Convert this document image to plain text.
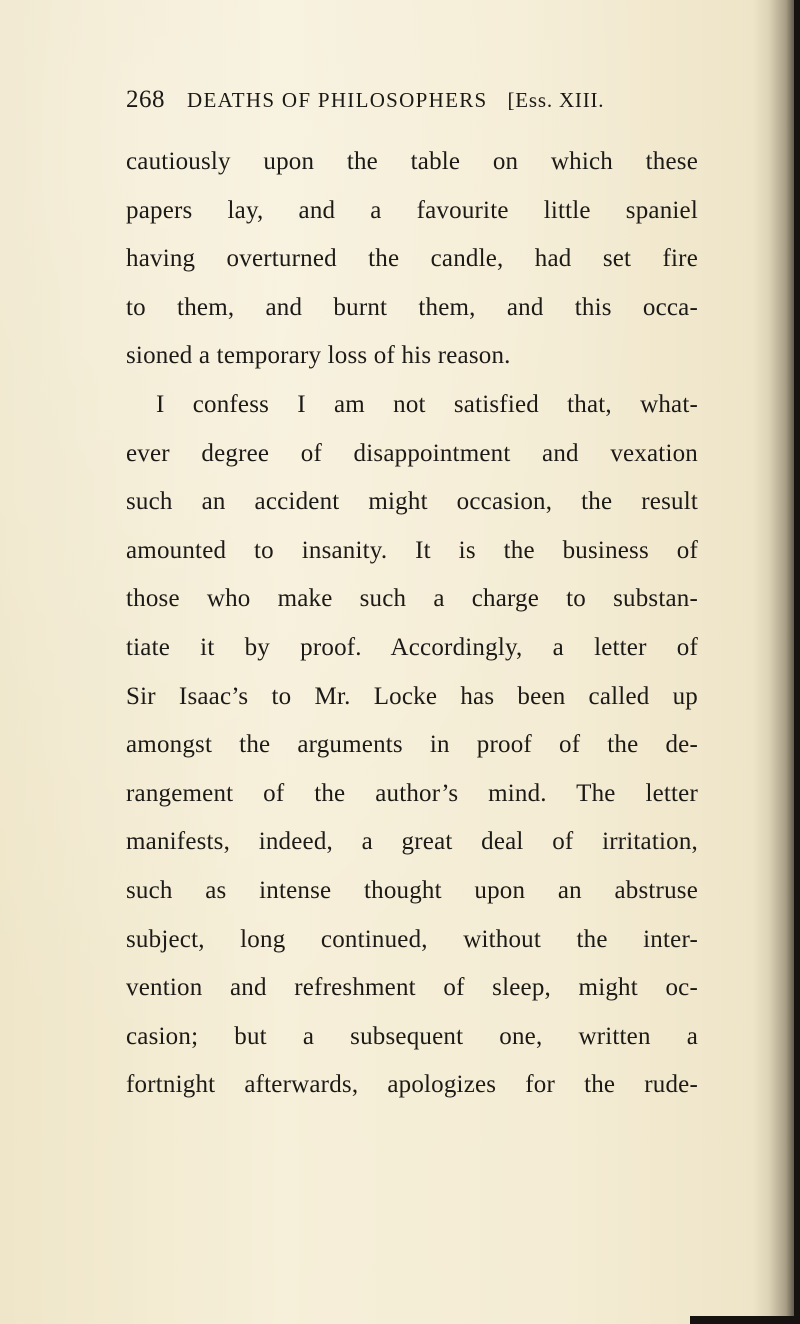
268 DEATHS OF PHILOSOPHERS [Ess. XIII.
cautiously upon the table on which these
papers lay, and a favourite little spaniel
having overturned the candle, had set fire
to them, and burnt them, and this occa-
sioned a temporary loss of his reason.
I confess I am not satisfied that, what-
ever degree of disappointment and vexation
such an accident might occasion, the result
amounted to insanity. It is the business of
those who make such a charge to substan-
tiate it by proof. Accordingly, a letter of
Sir Isaac’s to Mr. Locke has been called up
amongst the arguments in proof of the de-
rangement of the author’s mind. The letter
manifests, indeed, a great deal of irritation,
such as intense thought upon an abstruse
subject, long continued, without the inter-
vention and refreshment of sleep, might oc-
casion; but a subsequent one, written a
fortnight afterwards, apologizes for the rude-
